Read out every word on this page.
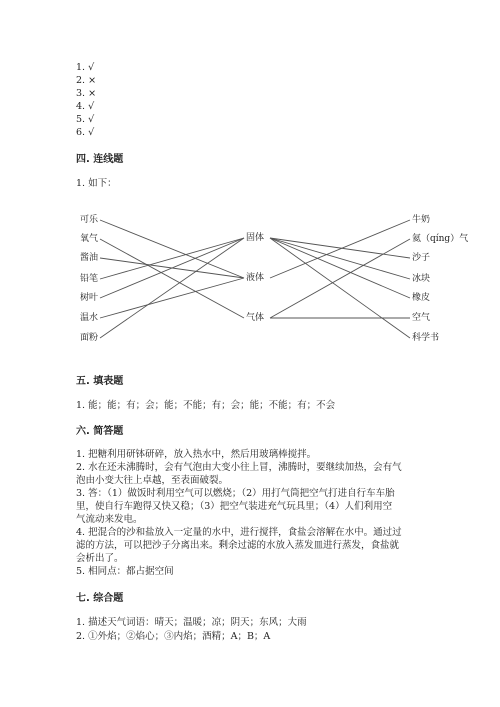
1. √
2. ×
3. ×
4. √
5. √
6. √
四. 连线题
1. 如下：
可乐
氧气
酱油
铅笔
树叶
温水
面粉
固体
液体
气体
牛奶
氦（qíng）气
沙子
冰块
橡皮
空气
科学书
五. 填表题
1. 能；能；有；会；能；不能；有；会；能；不能；有；不会
六. 简答题
1. 把糖利用研钵研碎，放入热水中，然后用玻璃棒搅拌。
2. 水在还未沸腾时，会有气泡由大变小往上冒，沸腾时，要继续加热，会有气
泡由小变大往上卓越，至表面破裂。
3. 答：（1）做饭时利用空气可以燃烧；（2）用打气筒把空气打进自行车车胎
里，使自行车跑得又快又稳；（3）把空气装进充气玩具里；（4）人们利用空
气流动来发电。
4. 把混合的沙和盐放入一定量的水中，进行搅拌，食盐会溶解在水中。通过过
滤的方法，可以把沙子分离出来。剩余过滤的水放入蒸发皿进行蒸发，食盐就
会析出了。
5. 相同点：都占据空间
七. 综合题
1. 描述天气词语：晴天；温暖；凉；阴天；东风；大雨
2. ①外焰；②焰心；③内焰；酒精；A；B；A
